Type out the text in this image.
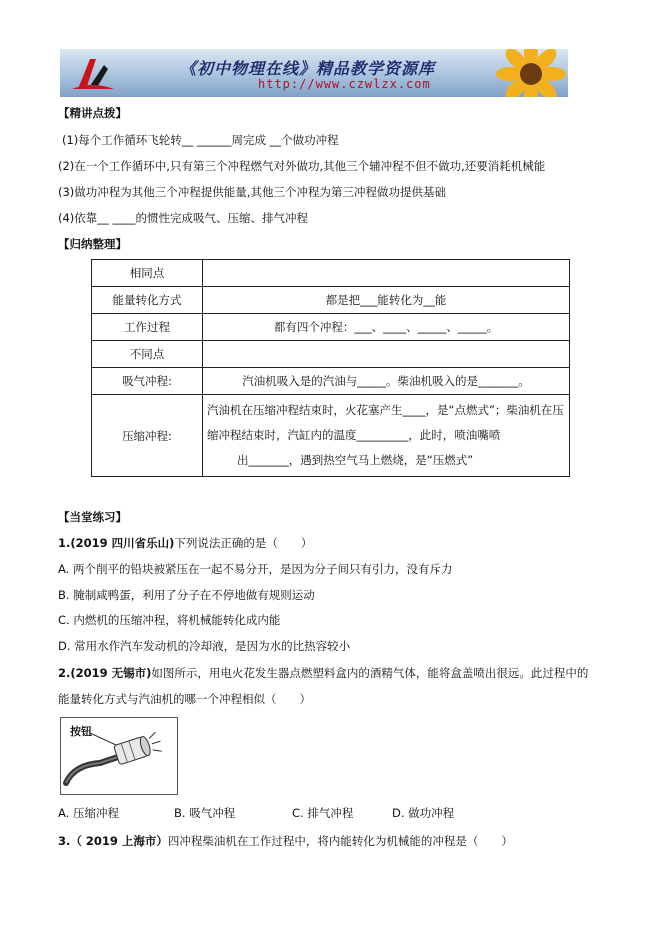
《初中物理在线》精品教学资源库
http://www.czwlzx.com
【精讲点拨】
(1)每个工作循环飞轮转__ ______周完成 __个做功冲程
(2)在一个工作循环中,只有第三个冲程燃气对外做功,其他三个辅冲程不但不做功,还要消耗机械能
(3)做功冲程为其他三个冲程提供能量,其他三个冲程为第三冲程做功提供基础
(4)依靠__ ____的惯性完成吸气、压缩、排气冲程
【归纳整理】
相同点	
能量转化方式	都是把___能转化为__能
工作过程	都有四个冲程：___、____、_____、_____。
不同点	
吸气冲程:	汽油机吸入是的汽油与_____。柴油机吸入的是_______。
压缩冲程:	汽油机在压缩冲程结束时，火花塞产生____，是“点燃式”；柴油机在压
缩冲程结束时，汽缸内的温度_________，此时，喷油嘴喷
出_______，遇到热空气马上燃烧，是“压燃式”
【当堂练习】
1.(2019 四川省乐山)下列说法正确的是（　　）
A. 两个削平的铅块被紧压在一起不易分开，是因为分子间只有引力，没有斥力
B. 腌制咸鸭蛋，利用了分子在不停地做有规则运动
C. 内燃机的压缩冲程，将机械能转化成内能
D. 常用水作汽车发动机的冷却液，是因为水的比热容较小
2.(2019 无锡市)如图所示，用电火花发生器点燃塑料盒内的酒精气体，能将盒盖喷出很远。此过程中的
能量转化方式与汽油机的哪一个冲程相似（　　）
按钮
A. 压缩冲程	B. 吸气冲程	C. 排气冲程	D. 做功冲程
3.（ 2019 上海市）四冲程柴油机在工作过程中，将内能转化为机械能的冲程是（　　）
